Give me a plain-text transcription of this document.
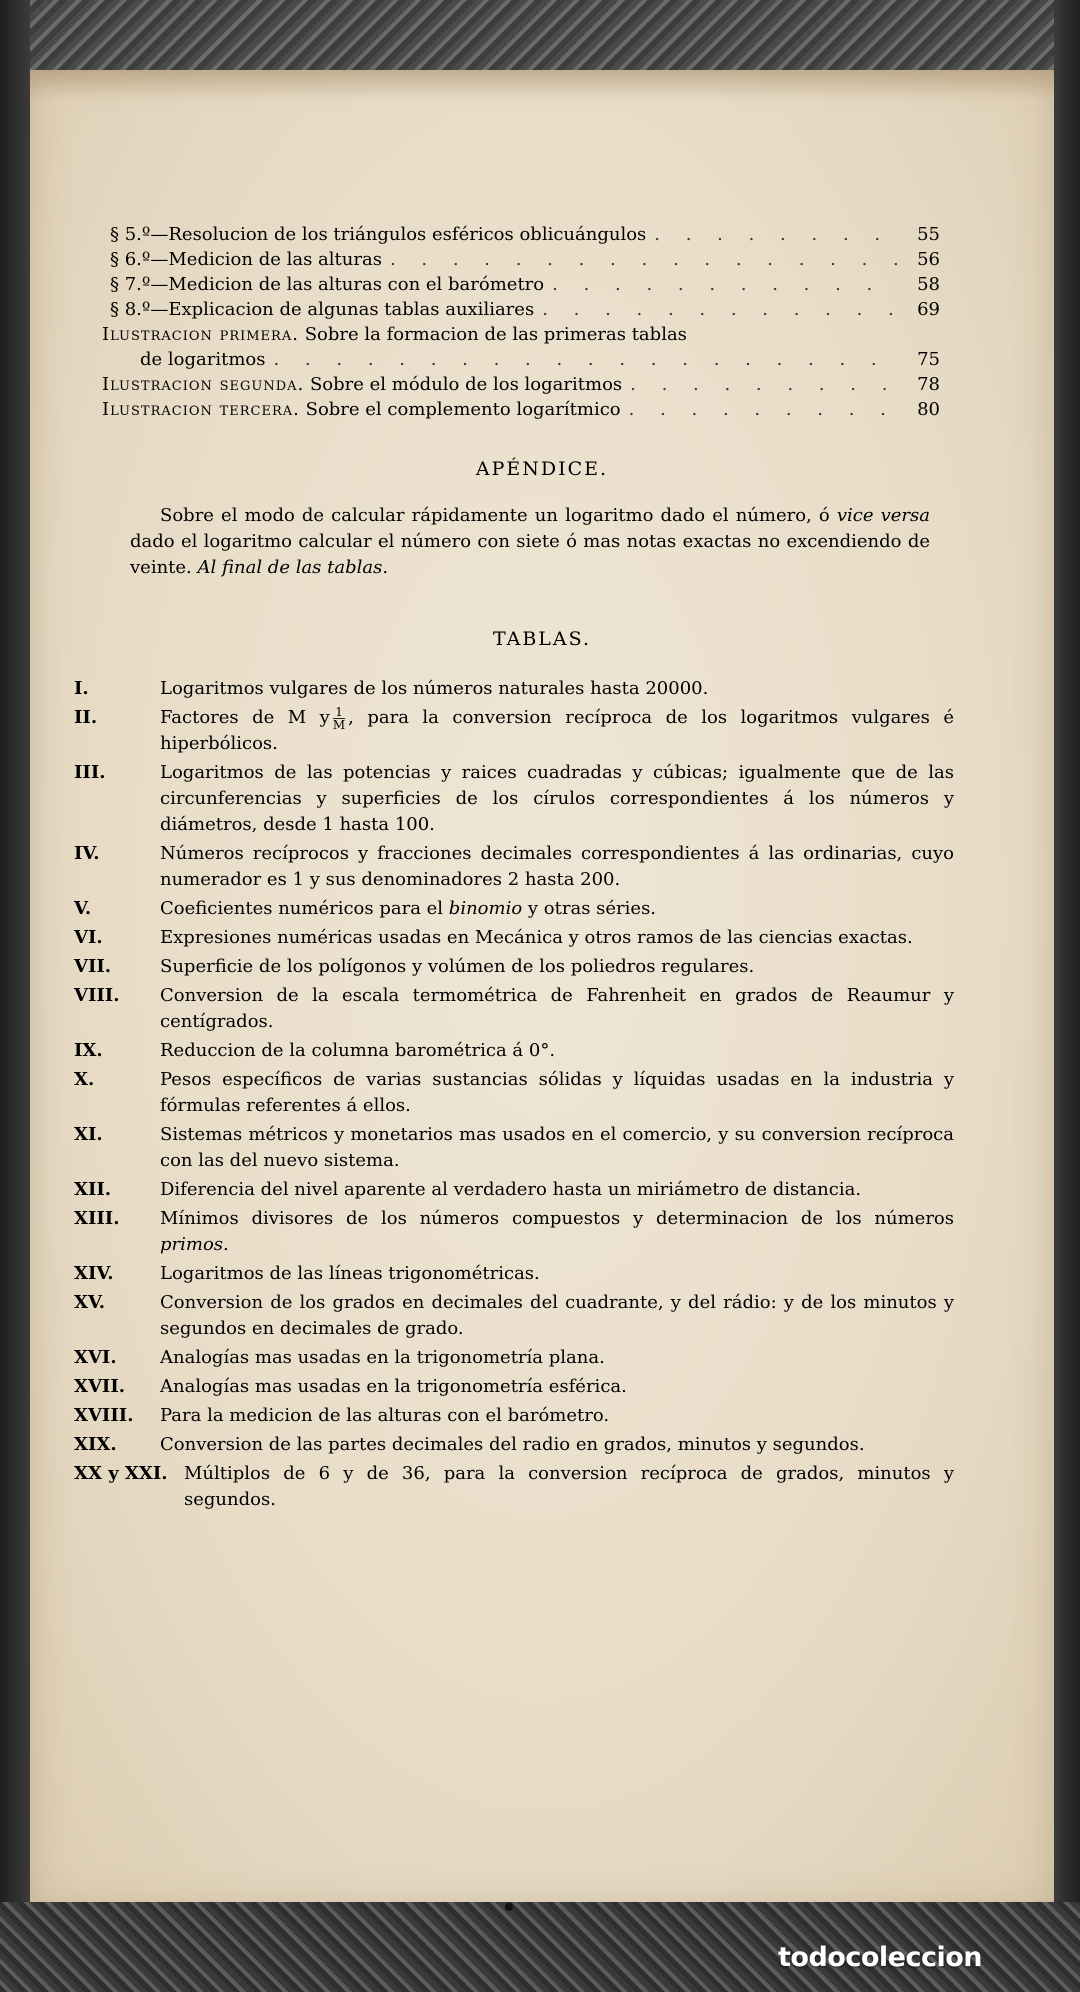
§ 5.º—Resolucion de los triángulos esféricos oblicuángulos . . .	55
§ 6.º—Medicion de las alturas . . .	56
§ 7.º—Medicion de las alturas con el barómetro . . .	58
§ 8.º—Explicacion de algunas tablas auxiliares . . .	69
Ilustracion primera. Sobre la formacion de las primeras tablas
de logaritmos . . .	75
Ilustracion segunda. Sobre el módulo de los logaritmos . . .	78
Ilustracion tercera. Sobre el complemento logarítmico . . .	80
APÉNDICE.

Sobre el modo de calcular rápidamente un logaritmo dado el número, ó vice versa dado el logaritmo calcular el número con siete ó mas notas exactas no excendiendo de veinte. Al final de las tablas.

TABLAS.
I.	Logaritmos vulgares de los números naturales hasta 20000.
II.	Factores de M y $\frac{1}{M}$ , para la conversion recíproca de los logaritmos vulgares é hiperbólicos.
III.	Logaritmos de las potencias y raices cuadradas y cúbicas; igualmente que de las circunferencias y superficies de los círulos correspondientes á los números y diámetros, desde 1 hasta 100.
IV.	Números recíprocos y fracciones decimales correspondientes á las ordinarias, cuyo numerador es 1 y sus denominadores 2 hasta 200.
V.	Coeficientes numéricos para el binomio y otras séries.
VI.	Expresiones numéricas usadas en Mecánica y otros ramos de las ciencias exactas.
VII.	Superficie de los polígonos y volúmen de los poliedros regulares.
VIII.	Conversion de la escala termométrica de Fahrenheit en grados de Reaumur y centígrados.
IX.	Reduccion de la columna barométrica á 0°.
X.	Pesos específicos de varias sustancias sólidas y líquidas usadas en la industria y fórmulas referentes á ellos.
XI.	Sistemas métricos y monetarios mas usados en el comercio, y su conversion recíproca con las del nuevo sistema.
XII.	Diferencia del nivel aparente al verdadero hasta un miriámetro de distancia.
XIII.	Mínimos divisores de los números compuestos y determinacion de los números primos.
XIV.	Logaritmos de las líneas trigonométricas.
XV.	Conversion de los grados en decimales del cuadrante, y del rádio: y de los minutos y segundos en decimales de grado.
XVI.	Analogías mas usadas en la trigonometría plana.
XVII.	Analogías mas usadas en la trigonometría esférica.
XVIII.	Para la medicion de las alturas con el barómetro.
XIX.	Conversion de las partes decimales del radio en grados, minutos y segundos.
XX y XXI. Múltiplos de 6 y de 36, para la conversion recíproca de grados, minutos y segundos.
todocoleccion
